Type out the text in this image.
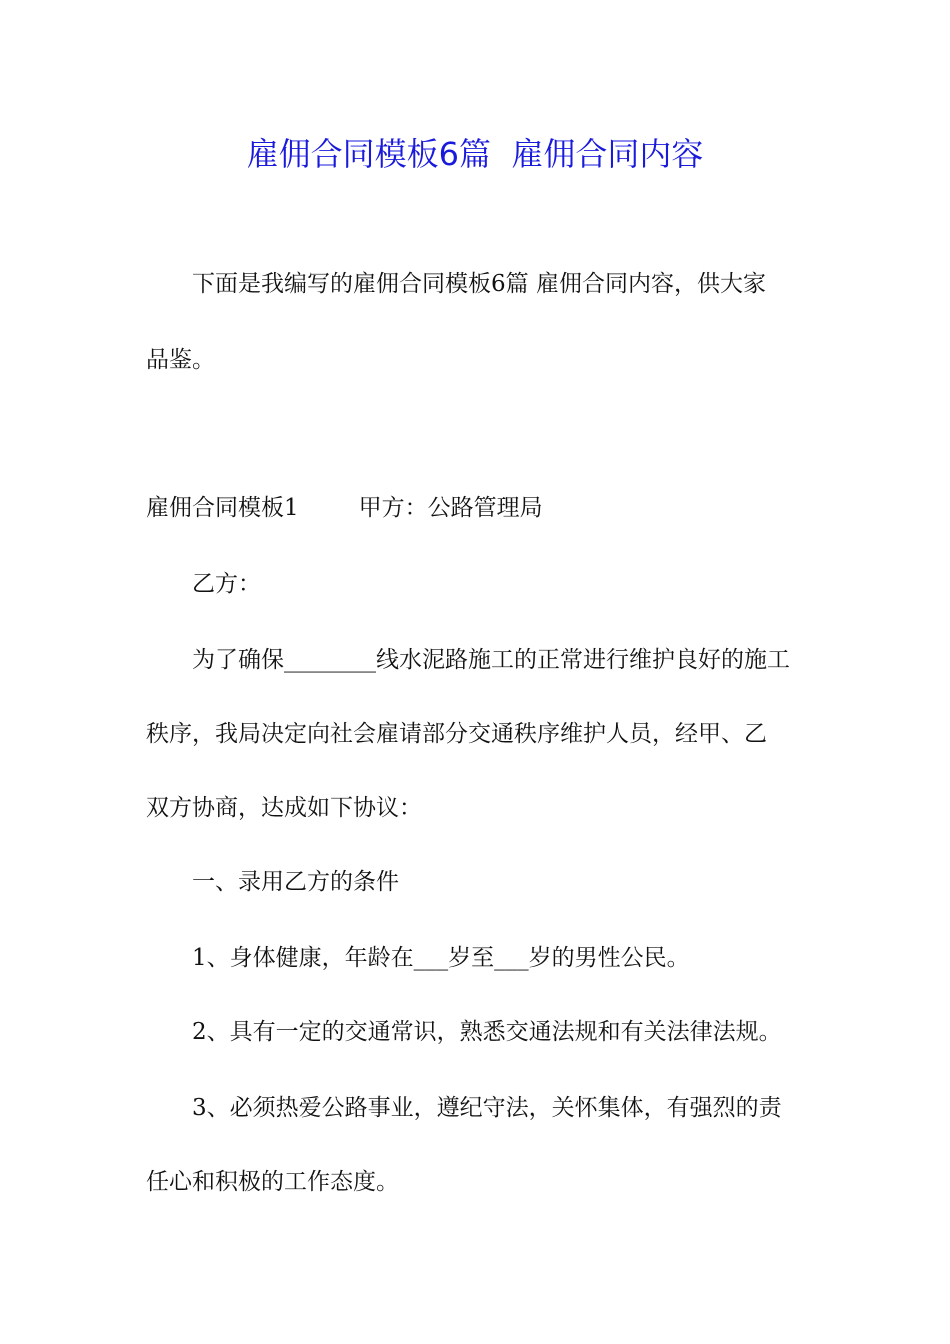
雇佣合同模板6篇  雇佣合同内容
下面是我编写的雇佣合同模板6篇 雇佣合同内容，供大家
品鉴。
雇佣合同模板1	甲方：公路管理局
乙方：
为了确保________线水泥路施工的正常进行维护良好的施工
秩序，我局决定向社会雇请部分交通秩序维护人员，经甲、乙
双方协商，达成如下协议：
一、录用乙方的条件
1、身体健康，年龄在___岁至___岁的男性公民。
2、具有一定的交通常识，熟悉交通法规和有关法律法规。
3、必须热爱公路事业，遵纪守法，关怀集体，有强烈的责
任心和积极的工作态度。
